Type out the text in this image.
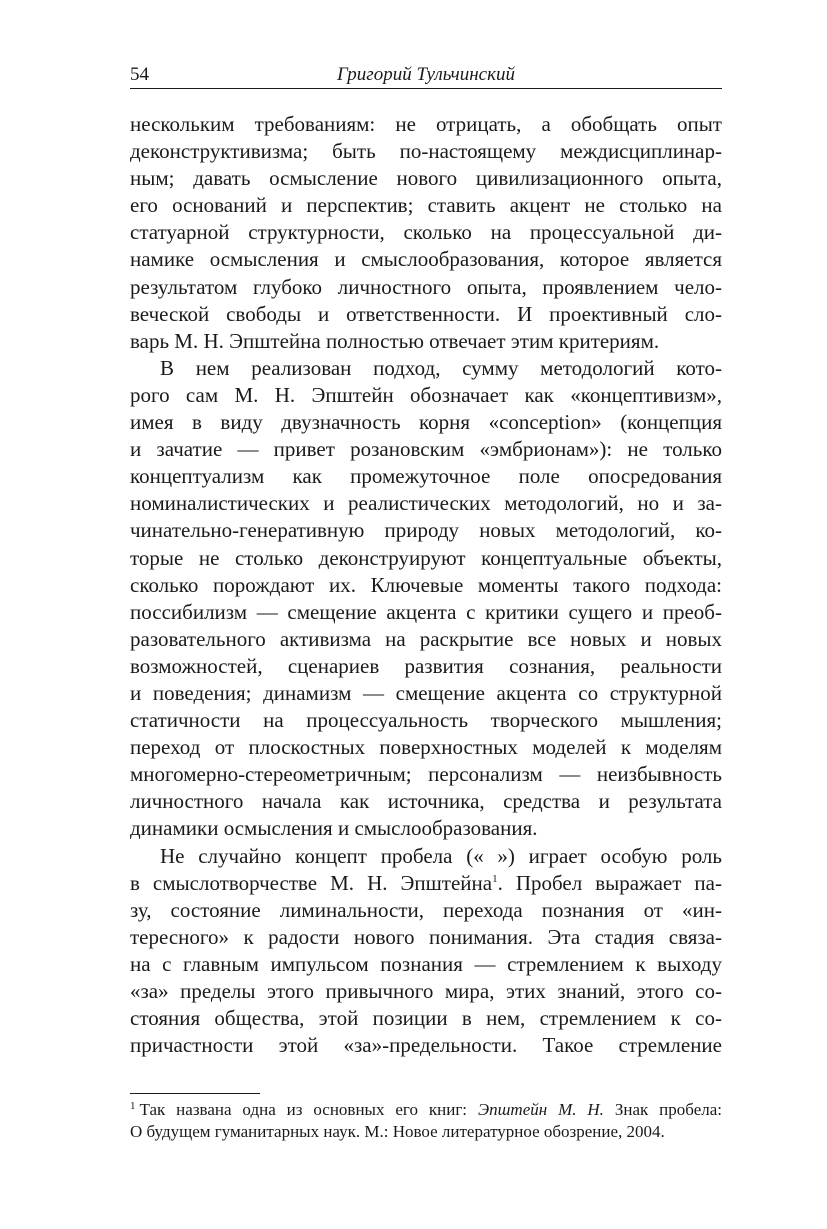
54	Григорий Тульчинский
нескольким требованиям: не отрицать, а обобщать опыт
деконструктивизма; быть по-настоящему междисциплинар-
ным; давать осмысление нового цивилизационного опыта,
его оснований и перспектив; ставить акцент не столько на
статуарной структурности, сколько на процессуальной ди-
намике осмысления и смыслообразования, которое является
результатом глубоко личностного опыта, проявлением чело-
веческой свободы и ответственности. И проективный сло-
варь М. Н. Эпштейна полностью отвечает этим критериям.
В нем реализован подход, сумму методологий кото-
рого сам М. Н. Эпштейн обозначает как «концептивизм»,
имея в виду двузначность корня «conception» (концепция
и зачатие — привет розановским «эмбрионам»): не только
концептуализм как промежуточное поле опосредования
номиналистических и реалистических методологий, но и за-
чинательно-генеративную природу новых методологий, ко-
торые не столько деконструируют концептуальные объекты,
сколько порождают их. Ключевые моменты такого подхода:
поссибилизм — смещение акцента с критики сущего и преоб-
разовательного активизма на раскрытие все новых и новых
возможностей, сценариев развития сознания, реальности
и поведения; динамизм — смещение акцента со структурной
статичности на процессуальность творческого мышления;
переход от плоскостных поверхностных моделей к моделям
многомерно-стереометричным; персонализм — неизбывность
личностного начала как источника, средства и результата
динамики осмысления и смыслообразования.
Не случайно концепт пробела (« ») играет особую роль
в смыслотворчестве М. Н. Эпштейна$^1$. Пробел выражает па-
зу, состояние лиминальности, перехода познания от «ин-
тересного» к радости нового понимания. Эта стадия связа-
на с главным импульсом познания — стремлением к выходу
«за» пределы этого привычного мира, этих знаний, этого со-
стояния общества, этой позиции в нем, стремлением к со-
причастности этой «за»-предельности. Такое стремление
$^1$ Так названа одна из основных его книг: Эпштейн М. Н. Знак пробела:
О будущем гуманитарных наук. М.: Новое литературное обозрение, 2004.
